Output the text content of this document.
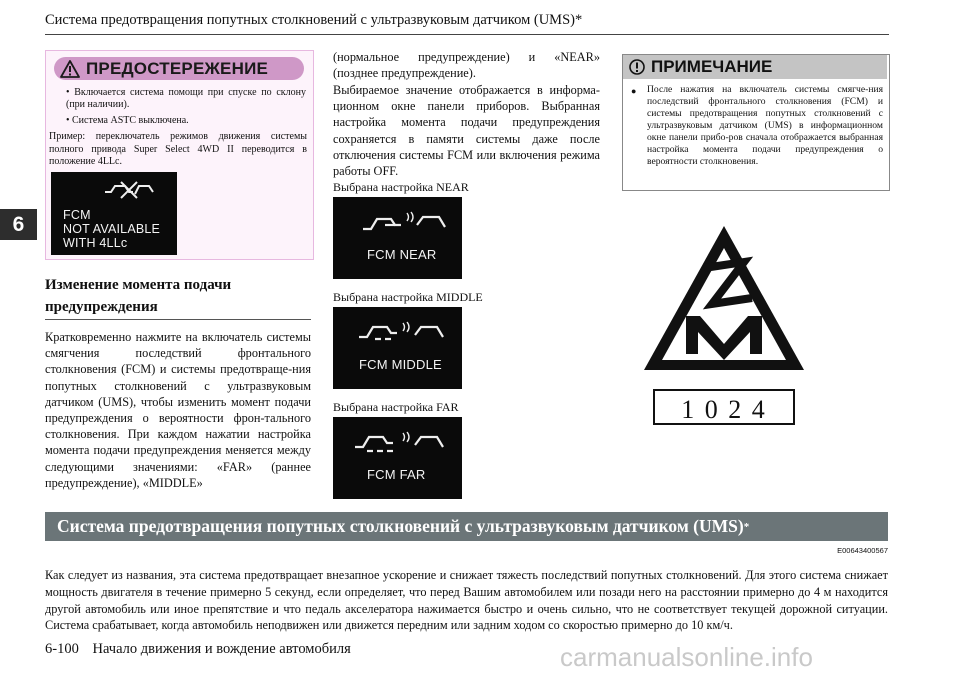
Система предотвращения попутных столкновений с ультразвуковым датчиком (UMS)*
6
ПРЕДОСТЕРЕЖЕНИЕ
• Включается система помощи при спуске по склону (при наличии).
• Система ASTC выключена.
Пример: переключатель режимов движения системы полного привода Super Select 4WD II переводится в положение 4LLc.
FCM
NOT AVAILABLE
WITH 4LLc
Изменение момента подачи предупреждения
Кратковременно нажмите на включатель системы смягчения последствий фронтального столкновения (FCM) и системы предотвраще-ния попутных столкновений с ультразвуковым датчиком (UMS), чтобы изменить момент подачи предупреждения о вероятности фрон-тального столкновения. При каждом нажатии настройка момента подачи предупреждения меняется между следующими значениями: «FAR» (раннее предупреждение), «MIDDLE»
(нормальное предупреждение) и «NEAR» (позднее предупреждение).
Выбираемое значение отображается в информа-ционном окне панели приборов. Выбранная настройка момента подачи предупреждения сохраняется в памяти системы даже после отключения системы FCM или включения режима работы OFF.
Выбрана настройка NEAR
FCM NEAR
Выбрана настройка MIDDLE
FCM MIDDLE
Выбрана настройка FAR
FCM FAR
ПРИМЕЧАНИЕ
● После нажатия на включатель системы смягче-ния последствий фронтального столкновения (FCM) и системы предотвращения попутных столкновений с ультразвуковым датчиком (UMS) в информационном окне панели прибо-ров сначала отображается выбранная настройка момента подачи предупреждения о вероятности столкновения.
1 0 2 4
Система предотвращения попутных столкновений с ультразвуковым датчиком (UMS) *
E00643400567
Как следует из названия, эта система предотвращает внезапное ускорение и снижает тяжесть последствий попутных столкновений. Для этого система снижает мощность двигателя в течение примерно 5 секунд, если определяет, что перед Вашим автомобилем или позади него на расстоянии примерно до 4 м находится другой автомобиль или иное препятствие и что педаль акселератора нажимается быстро и очень сильно, что не соответствует текущей дорожной ситуации. Система срабатывает, когда автомобиль неподвижен или движется передним или задним ходом со скоростью примерно до 10 км/ч.
6-100 Начало движения и вождение автомобиля	carmanualsonline.info
